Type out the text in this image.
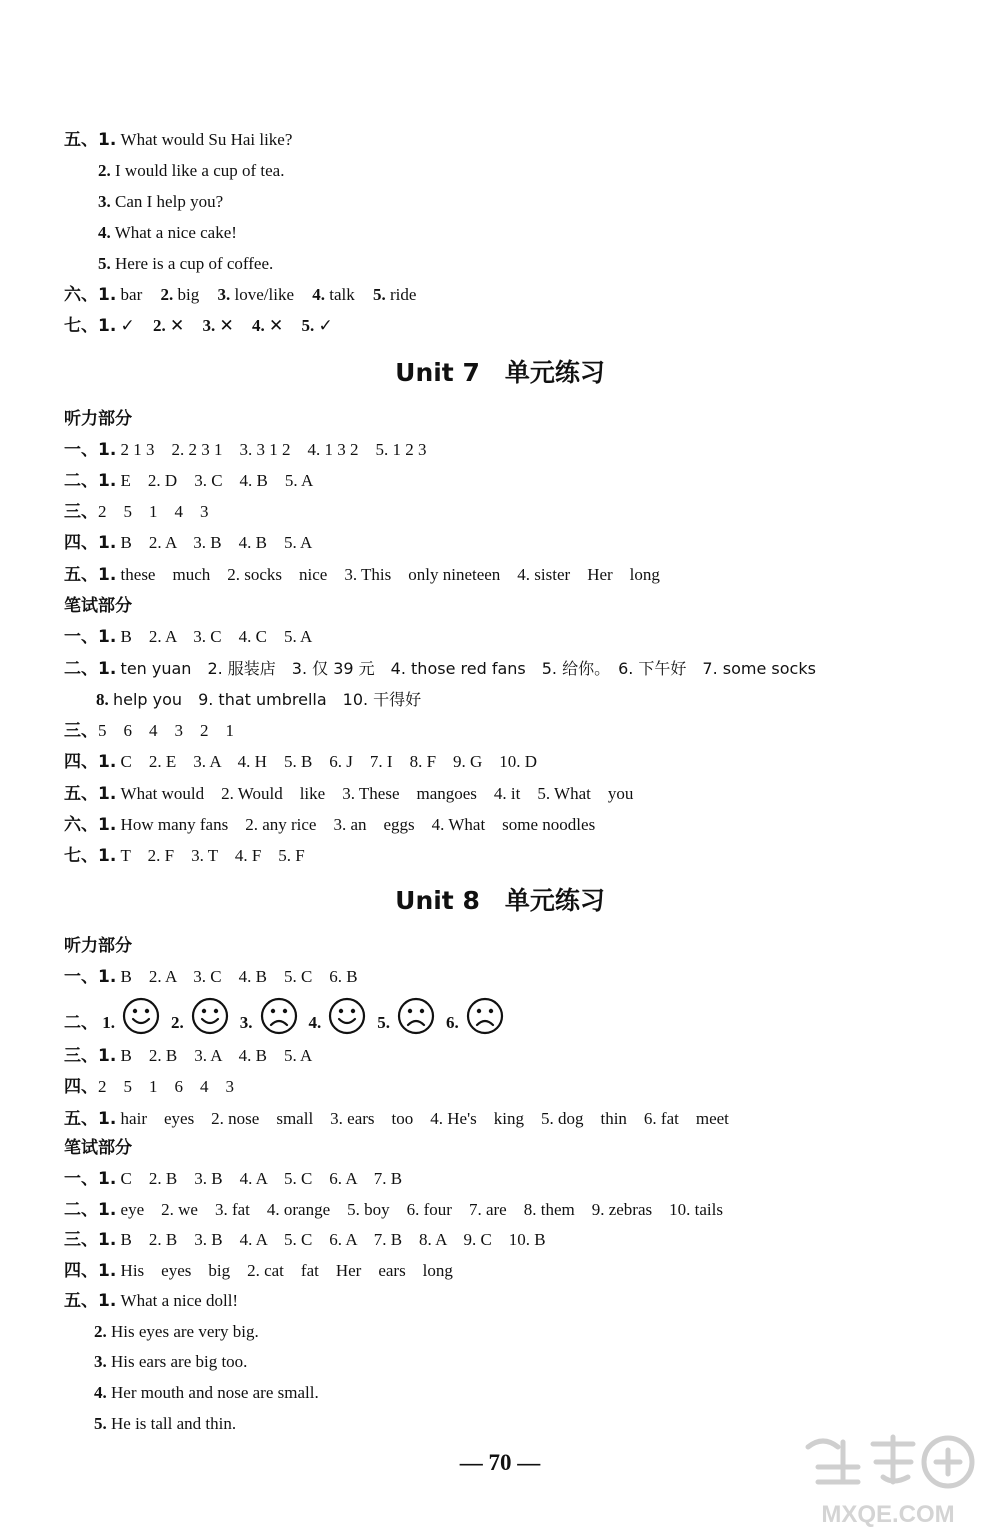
五、1. What would Su Hai like?
2. I would like a cup of tea.
3. Can I help you?
4. What a nice cake!
5. Here is a cup of coffee.
六、1. bar 2. big 3. love/like 4. talk 5. ride
七、1. ✓ 2. ✕ 3. ✕ 4. ✕ 5. ✓
Unit 7　单元练习
听力部分
一、1. 2 1 3　2. 2 3 1　3. 3 1 2　4. 1 3 2　5. 1 2 3
二、1. E　2. D　3. C　4. B　5. A
三、2　5　1　4　3
四、1. B　2. A　3. B　4. B　5. A
五、1. these　much　2. socks　nice　3. This　only nineteen　4. sister　Her　long
笔试部分
一、1. B　2. A　3. C　4. C　5. A
二、1. ten yuan　2. 服装店　3. 仅 39 元　4. those red fans　5. 给你。　6. 下午好　7. some socks
8. help you　9. that umbrella　10. 干得好
三、5　6　4　3　2　1
四、1. C　2. E　3. A　4. H　5. B　6. J　7. I　8. F　9. G　10. D
五、1. What would　2. Would　like　3. These　mangoes　4. it　5. What　you
六、1. How many fans　2. any rice　3. an　eggs　4. What　some noodles
七、1. T　2. F　3. T　4. F　5. F
Unit 8　单元练习
听力部分
一、1. B　2. A　3. C　4. B　5. C　6. B
二、 1.	2.	3.	4.	5.	6.
三、1. B　2. B　3. A　4. B　5. A
四、2　5　1　6　4　3
五、1. hair　eyes　2. nose　small　3. ears　too　4. He's　king　5. dog　thin　6. fat　meet
笔试部分
一、1. C　2. B　3. B　4. A　5. C　6. A　7. B
二、1. eye　2. we　3. fat　4. orange　5. boy　6. four　7. are　8. them　9. zebras　10. tails
三、1. B　2. B　3. B　4. A　5. C　6. A　7. B　8. A　9. C　10. B
四、1. His　eyes　big　2. cat　fat　Her　ears　long
五、1. What a nice doll!
2. His eyes are very big.
3. His ears are big too.
4. Her mouth and nose are small.
5. He is tall and thin.
— 70 —
MXQE.COM
